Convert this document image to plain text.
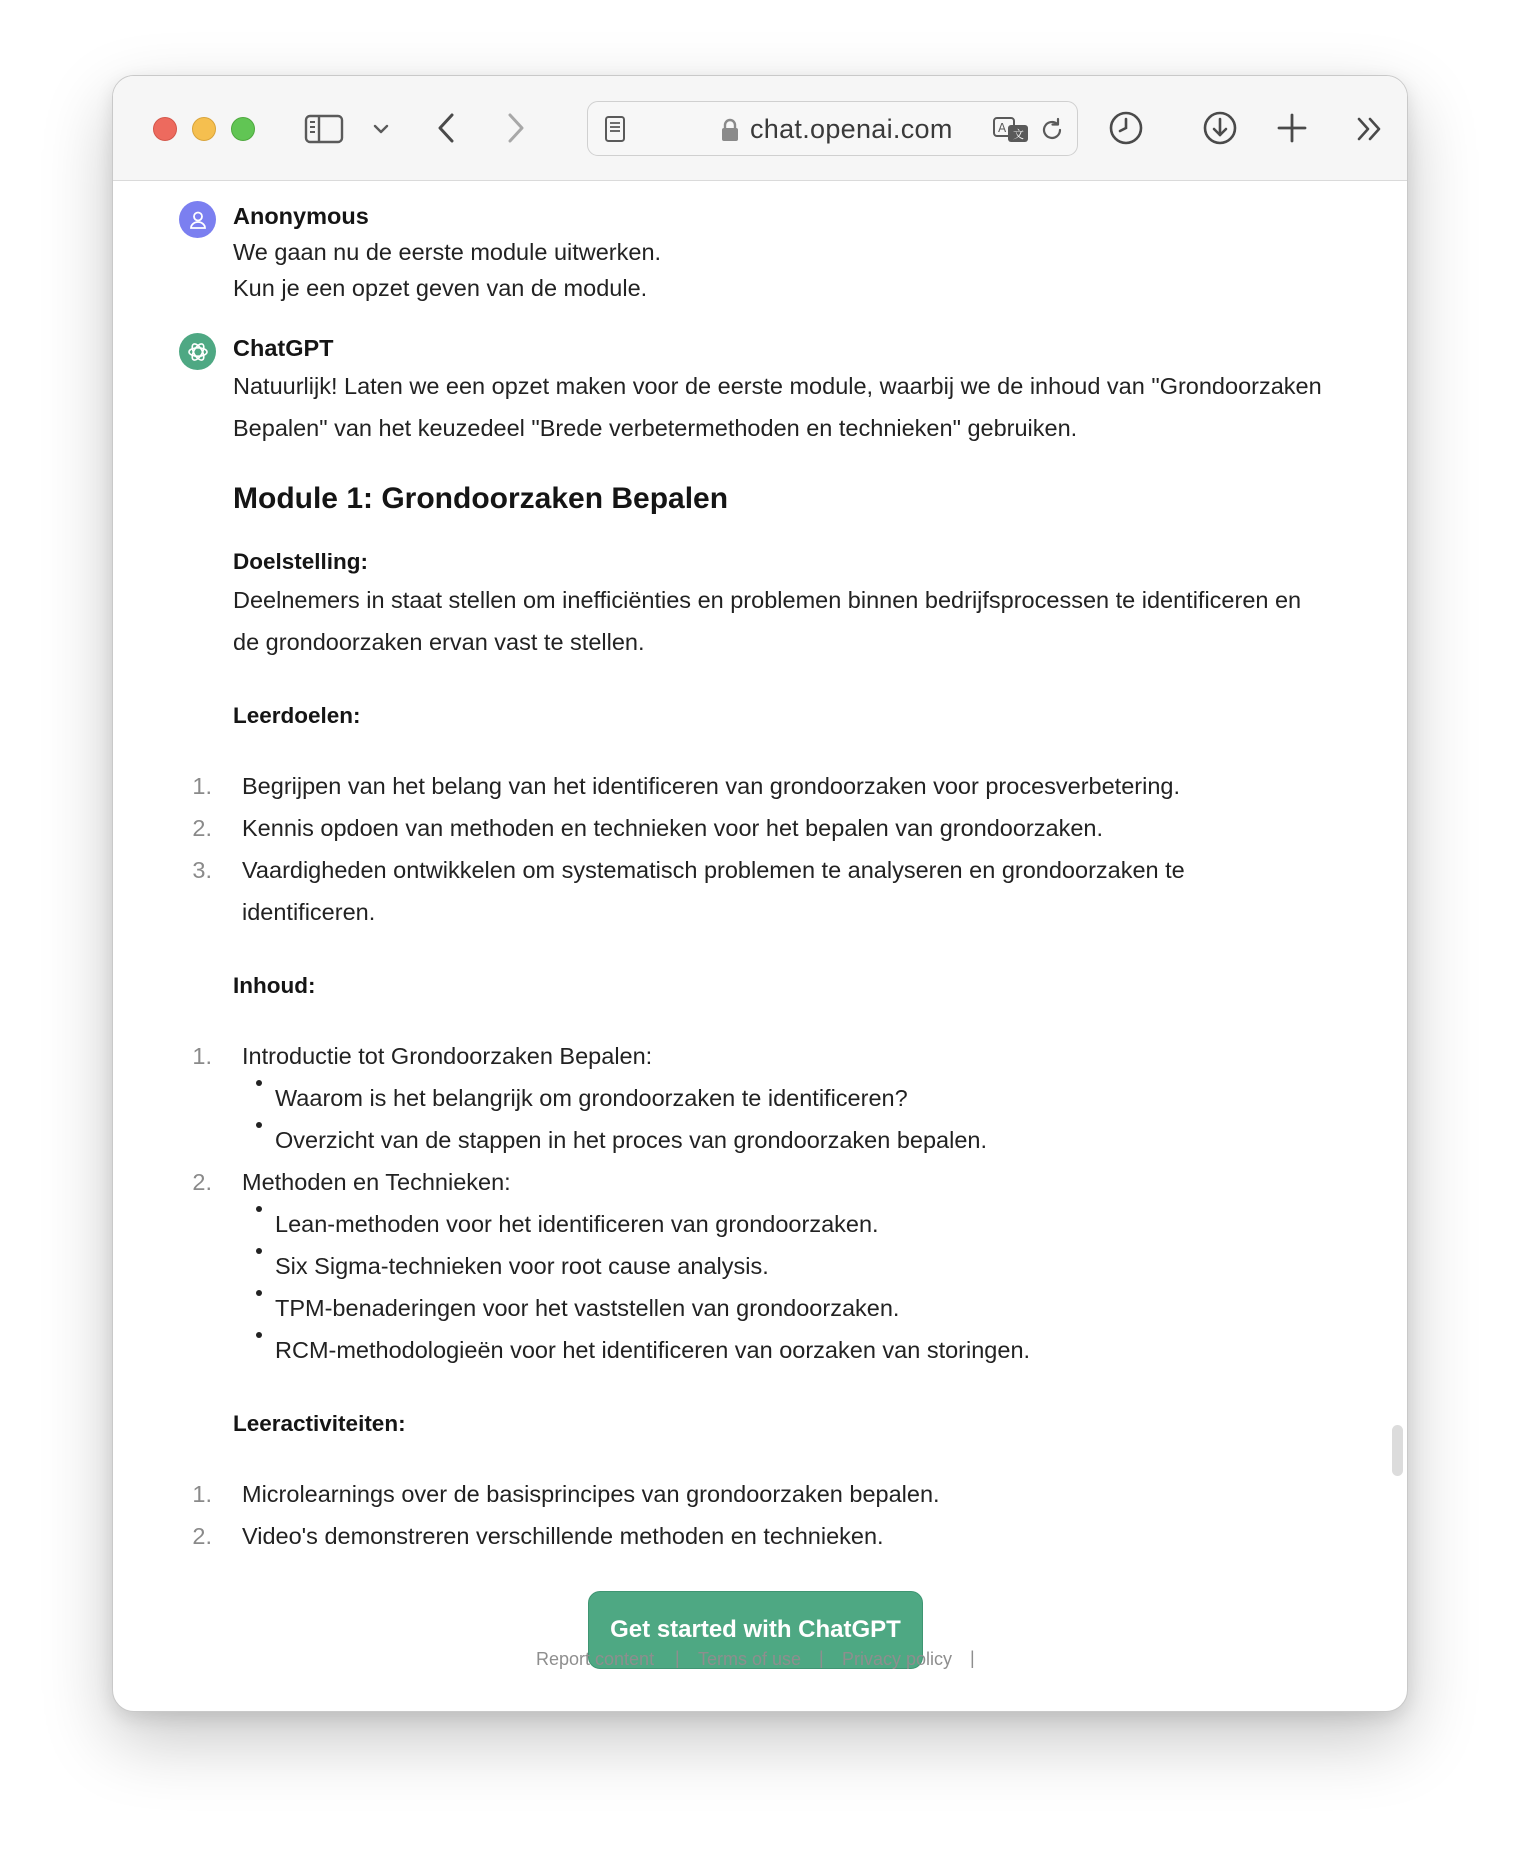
chat.openai.com	A 文
Anonymous
We gaan nu de eerste module uitwerken.
Kun je een opzet geven van de module.
ChatGPT
Natuurlijk! Laten we een opzet maken voor de eerste module, waarbij we de inhoud van "Grondoorzaken
Bepalen" van het keuzedeel "Brede verbetermethoden en technieken" gebruiken.
Module 1: Grondoorzaken Bepalen
Doelstelling:
Deelnemers in staat stellen om inefficiënties en problemen binnen bedrijfsprocessen te identificeren en
de grondoorzaken ervan vast te stellen.
Leerdoelen:
1. Begrijpen van het belang van het identificeren van grondoorzaken voor procesverbetering.
2. Kennis opdoen van methoden en technieken voor het bepalen van grondoorzaken.
3. Vaardigheden ontwikkelen om systematisch problemen te analyseren en grondoorzaken te
identificeren.
Inhoud:
1. Introductie tot Grondoorzaken Bepalen:
Waarom is het belangrijk om grondoorzaken te identificeren?
Overzicht van de stappen in het proces van grondoorzaken bepalen.
2. Methoden en Technieken:
Lean-methoden voor het identificeren van grondoorzaken.
Six Sigma-technieken voor root cause analysis.
TPM-benaderingen voor het vaststellen van grondoorzaken.
RCM-methodologieën voor het identificeren van oorzaken van storingen.
Leeractiviteiten:
1. Microlearnings over de basisprincipes van grondoorzaken bepalen.
2. Video's demonstreren verschillende methoden en technieken.
Get started with ChatGPT
Report content | Terms of use | Privacy policy |
